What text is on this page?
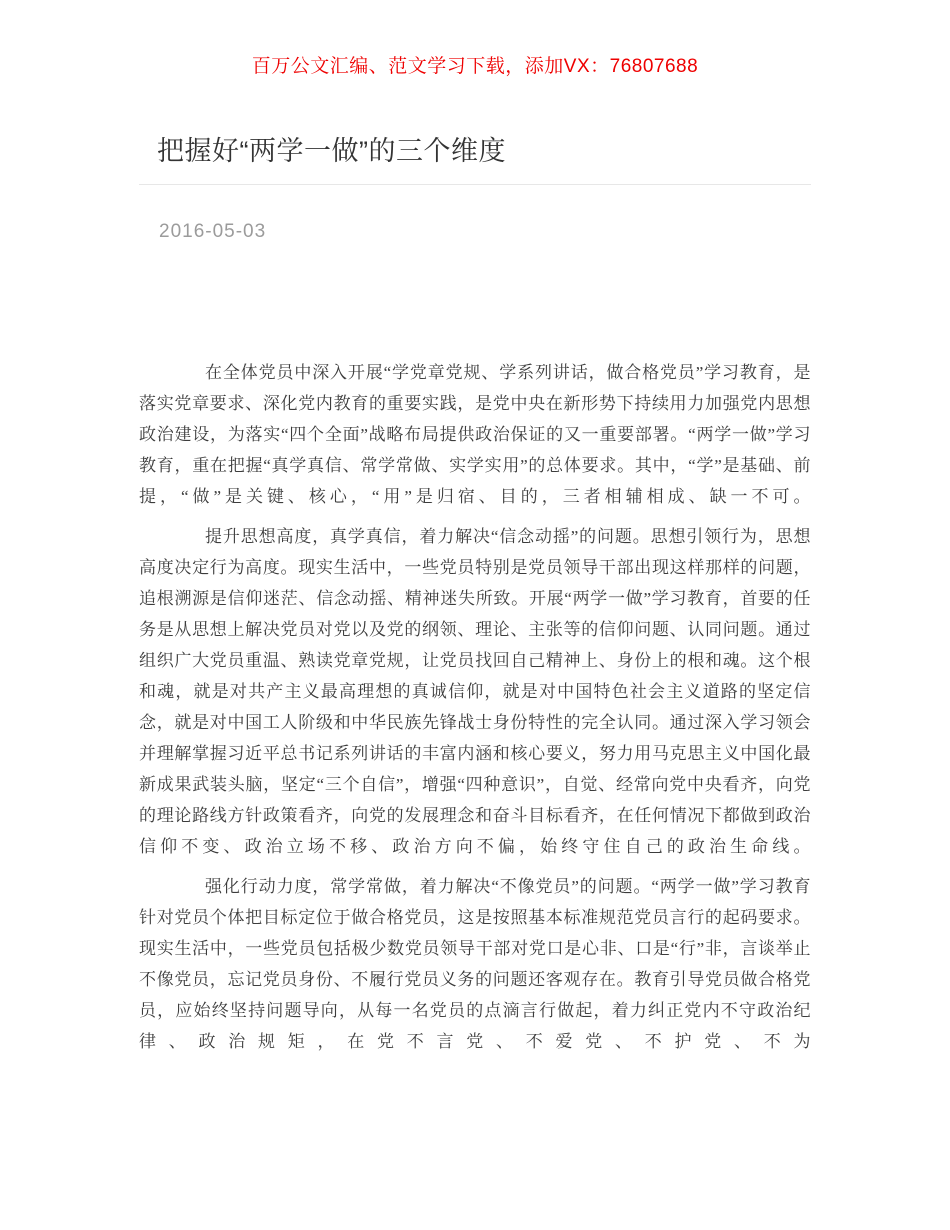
百万公文汇编、范文学习下载，添加VX：76807688
把握好“两学一做”的三个维度
2016-05-03

在全体党员中深入开展“学党章党规、学系列讲话，做合格党员”学习教育，是落实党章要求、深化党内教育的重要实践，是党中央在新形势下持续用力加强党内思想政治建设，为落实“四个全面”战略布局提供政治保证的又一重要部署。“两学一做”学习教育，重在把握“真学真信、常学常做、实学实用”的总体要求。其中，“学”是基础、前提，“做”是关键、核心，“用”是归宿、目的，三者相辅相成、缺一不可。

提升思想高度，真学真信，着力解决“信念动摇”的问题。思想引领行为，思想高度决定行为高度。现实生活中，一些党员特别是党员领导干部出现这样那样的问题，追根溯源是信仰迷茫、信念动摇、精神迷失所致。开展“两学一做”学习教育，首要的任务是从思想上解决党员对党以及党的纲领、理论、主张等的信仰问题、认同问题。通过组织广大党员重温、熟读党章党规，让党员找回自己精神上、身份上的根和魂。这个根和魂，就是对共产主义最高理想的真诚信仰，就是对中国特色社会主义道路的坚定信念，就是对中国工人阶级和中华民族先锋战士身份特性的完全认同。通过深入学习领会并理解掌握习近平总书记系列讲话的丰富内涵和核心要义，努力用马克思主义中国化最新成果武装头脑，坚定“三个自信”，增强“四种意识”，自觉、经常向党中央看齐，向党的理论路线方针政策看齐，向党的发展理念和奋斗目标看齐，在任何情况下都做到政治信仰不变、政治立场不移、政治方向不偏，始终守住自己的政治生命线。

强化行动力度，常学常做，着力解决“不像党员”的问题。“两学一做”学习教育针对党员个体把目标定位于做合格党员，这是按照基本标准规范党员言行的起码要求。现实生活中，一些党员包括极少数党员领导干部对党口是心非、口是“行”非，言谈举止不像党员，忘记党员身份、不履行党员义务的问题还客观存在。教育引导党员做合格党员，应始终坚持问题导向，从每一名党员的点滴言行做起，着力纠正党内不守政治纪律、政治规矩，在党不言党、不爱党、不护党、不为
